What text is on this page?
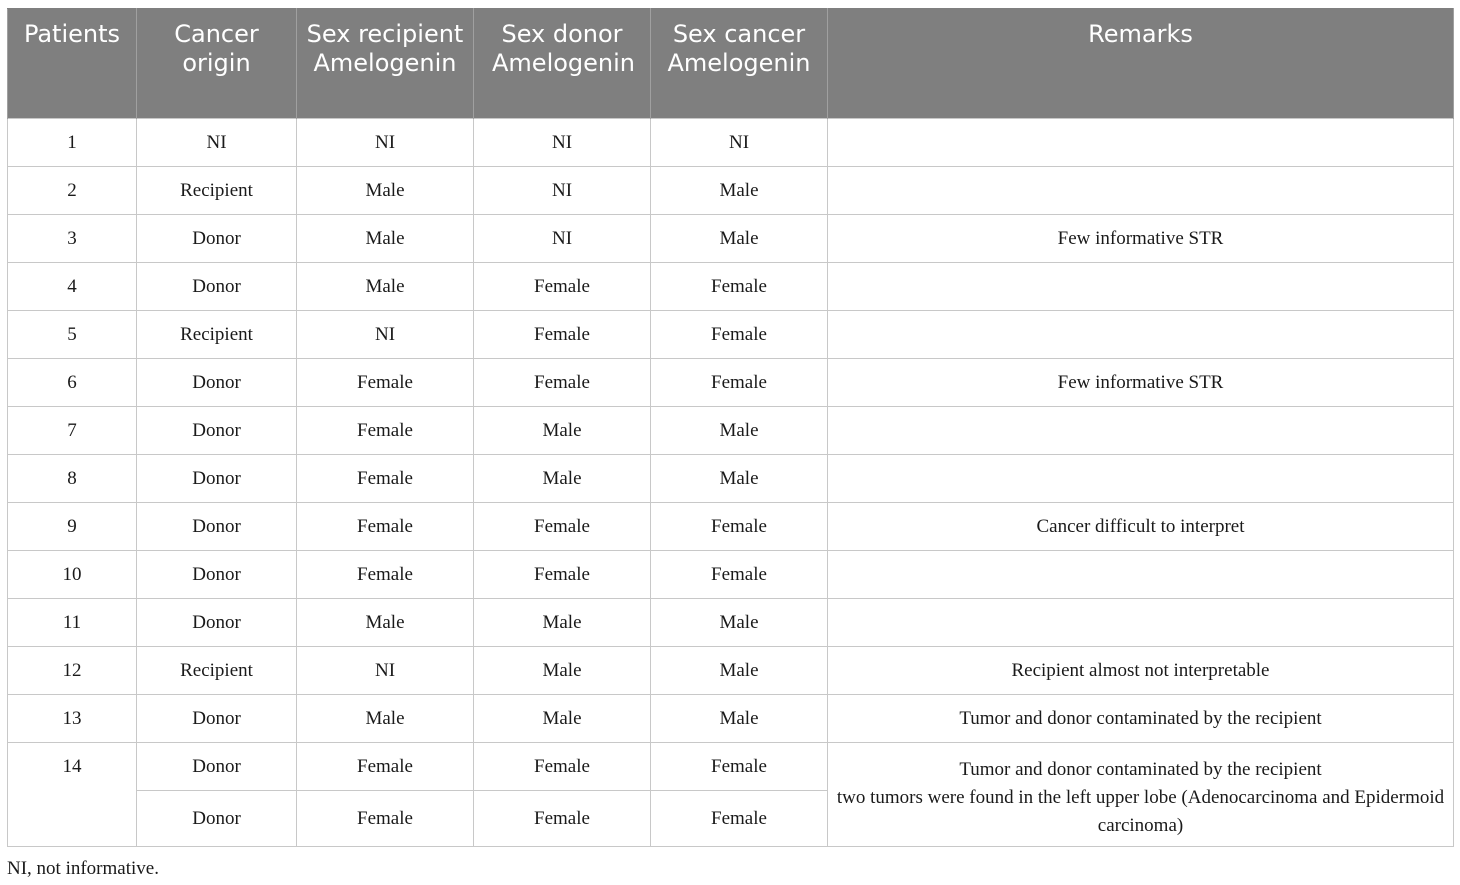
Patients	Cancer origin	Sex recipient Amelogenin	Sex donor Amelogenin	Sex cancer Amelogenin	Remarks
1	NI	NI	NI	NI	
2	Recipient	Male	NI	Male	
3	Donor	Male	NI	Male	Few informative STR
4	Donor	Male	Female	Female	
5	Recipient	NI	Female	Female	
6	Donor	Female	Female	Female	Few informative STR
7	Donor	Female	Male	Male	
8	Donor	Female	Male	Male	
9	Donor	Female	Female	Female	Cancer difficult to interpret
10	Donor	Female	Female	Female	
11	Donor	Male	Male	Male	
12	Recipient	NI	Male	Male	Recipient almost not interpretable
13	Donor	Male	Male	Male	Tumor and donor contaminated by the recipient
14	Donor	Female	Female	Female	Tumor and donor contaminated by the recipient
two tumors were found in the left upper lobe (Adenocarcinoma and Epidermoid carcinoma)

	Donor	Female	Female	Female	
NI, not informative.
